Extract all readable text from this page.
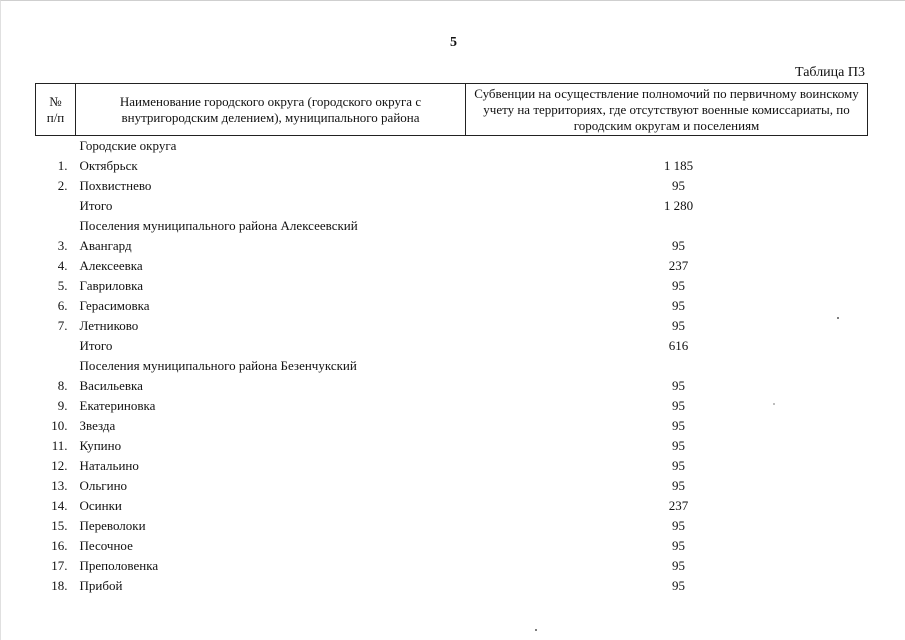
5
Таблица П3
№
п/п	Наименование городского округа (городского округа с внутригородским делением), муниципального района	Субвенции на осуществление полномочий по первичному воинскому учету на территориях, где отсутствуют военные комиссариаты, по городским округам и поселениям
	Городские округа	
1.	Октябрьск	1 185
2.	Похвистнево	95
	Итого	1 280
	Поселения муниципального района Алексеевский	
3.	Авангард	95
4.	Алексеевка	237
5.	Гавриловка	95
6.	Герасимовка	95
7.	Летниково	95
	Итого	616
	Поселения муниципального района Безенчукский	
8.	Васильевка	95
9.	Екатериновка	95
10.	Звезда	95
11.	Купино	95
12.	Натальино	95
13.	Ольгино	95
14.	Осинки	237
15.	Переволоки	95
16.	Песочное	95
17.	Преполовенка	95
18.	Прибой	95
